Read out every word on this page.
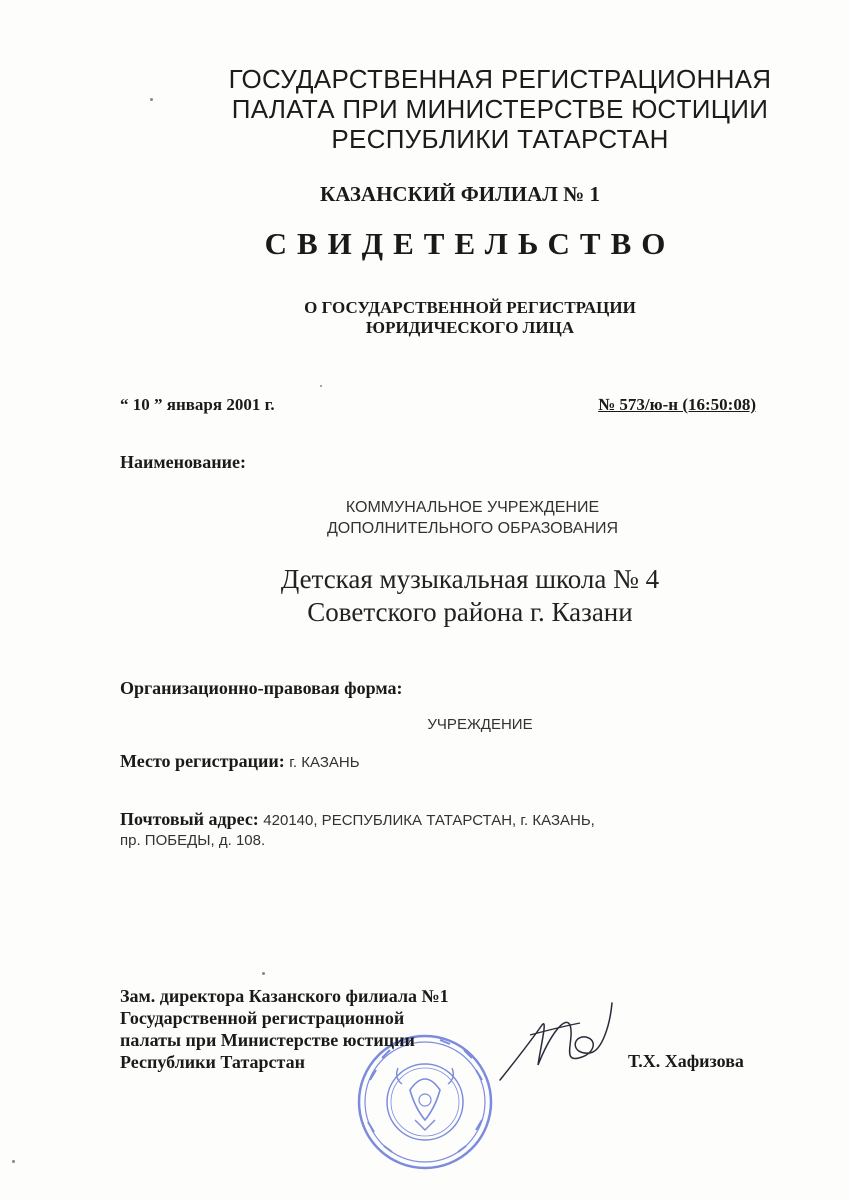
ГОСУДАРСТВЕННАЯ РЕГИСТРАЦИОННАЯ
ПАЛАТА ПРИ МИНИСТЕРСТВЕ ЮСТИЦИИ
РЕСПУБЛИКИ ТАТАРСТАН
КАЗАНСКИЙ ФИЛИАЛ № 1
СВИДЕТЕЛЬСТВО
О ГОСУДАРСТВЕННОЙ РЕГИСТРАЦИИ
ЮРИДИЧЕСКОГО ЛИЦА
“ 10 ” января 2001 г.	№ 573/ю-н (16:50:08)
Наименование:
КОММУНАЛЬНОЕ УЧРЕЖДЕНИЕ
ДОПОЛНИТЕЛЬНОГО ОБРАЗОВАНИЯ
Детская музыкальная школа № 4
Советского района г. Казани
Организационно-правовая форма:
УЧРЕЖДЕНИЕ
Место регистрации: г. КАЗАНЬ
Почтовый адрес: 420140, РЕСПУБЛИКА ТАТАРСТАН, г. КАЗАНЬ,
пр. ПОБЕДЫ, д. 108.
Зам. директора Казанского филиала №1
Государственной регистрационной
палаты при Министерстве юстиции
Республики Татарстан	Т.Х. Хафизова
